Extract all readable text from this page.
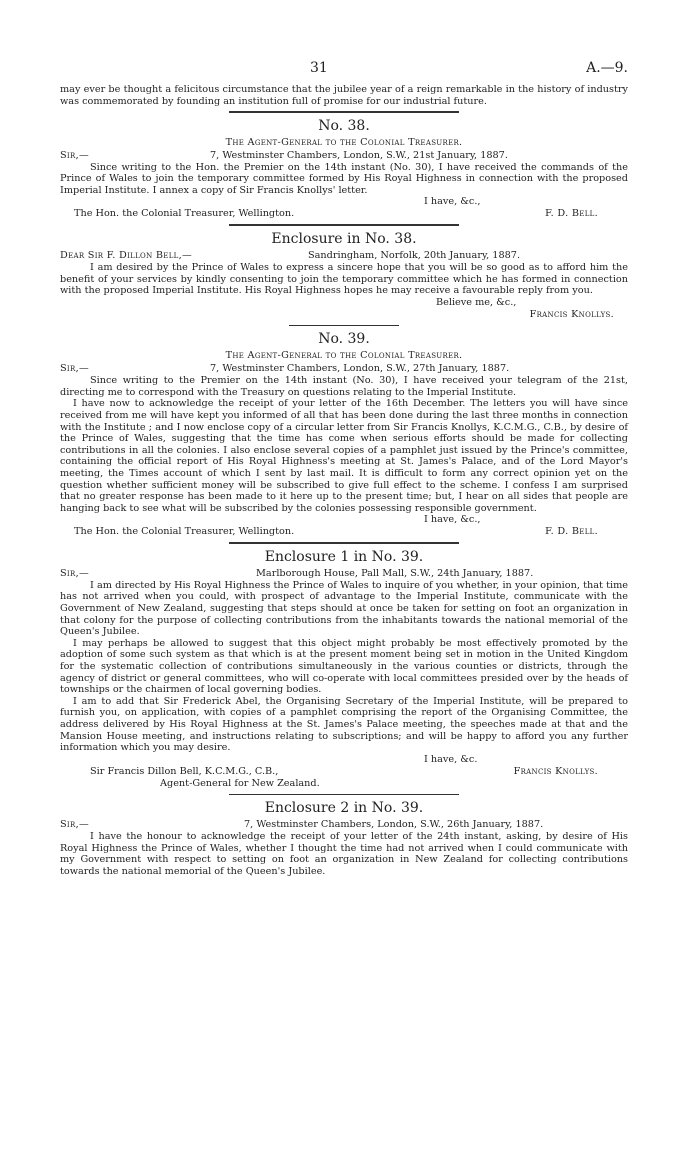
31	A.—9.

may ever be thought a felicitous circumstance that the jubilee year of a reign remarkable in the history of industry was commemorated by founding an institution full of promise for our industrial future.

No. 38.
The Agent-General to the Colonial Treasurer.
Sir,—	7, Westminster Chambers, London, S.W., 21st January, 1887.

Since writing to the Hon. the Premier on the 14th instant (No. 30), I have received the commands of the Prince of Wales to join the temporary committee formed by His Royal Highness in connection with the proposed Imperial Institute. I annex a copy of Sir Francis Knollys' letter.

I have, &c.,
The Hon. the Colonial Treasurer, Wellington.	F. D. Bell.
Enclosure in No. 38.
Dear Sir F. Dillon Bell,—	Sandringham, Norfolk, 20th January, 1887.

I am desired by the Prince of Wales to express a sincere hope that you will be so good as to afford him the benefit of your services by kindly consenting to join the temporary committee which he has formed in connection with the proposed Imperial Institute. His Royal Highness hopes he may receive a favourable reply from you.

Believe me, &c.,
Francis Knollys.
No. 39.
The Agent-General to the Colonial Treasurer.
Sir,—	7, Westminster Chambers, London, S.W., 27th January, 1887.

Since writing to the Premier on the 14th instant (No. 30), I have received your telegram of the 21st, directing me to correspond with the Treasury on questions relating to the Imperial Institute.

I have now to acknowledge the receipt of your letter of the 16th December. The letters you will have since received from me will have kept you informed of all that has been done during the last three months in connection with the Institute ; and I now enclose copy of a circular letter from Sir Francis Knollys, K.C.M.G., C.B., by desire of the Prince of Wales, suggesting that the time has come when serious efforts should be made for collecting contributions in all the colonies. I also enclose several copies of a pamphlet just issued by the Prince's committee, containing the official report of His Royal Highness's meeting at St. James's Palace, and of the Lord Mayor's meeting, the Times account of which I sent by last mail. It is difficult to form any correct opinion yet on the question whether sufficient money will be subscribed to give full effect to the scheme. I confess I am surprised that no greater response has been made to it here up to the present time; but, I hear on all sides that people are hanging back to see what will be subscribed by the colonies possessing responsible government.

I have, &c.,
The Hon. the Colonial Treasurer, Wellington.	F. D. Bell.
Enclosure 1 in No. 39.
Sir,—	Marlborough House, Pall Mall, S.W., 24th January, 1887.

I am directed by His Royal Highness the Prince of Wales to inquire of you whether, in your opinion, that time has not arrived when you could, with prospect of advantage to the Imperial Institute, communicate with the Government of New Zealand, suggesting that steps should at once be taken for setting on foot an organization in that colony for the purpose of collecting contributions from the inhabitants towards the national memorial of the Queen's Jubilee.

I may perhaps be allowed to suggest that this object might probably be most effectively promoted by the adoption of some such system as that which is at the present moment being set in motion in the United Kingdom for the systematic collection of contributions simultaneously in the various counties or districts, through the agency of district or general committees, who will co-operate with local committees presided over by the heads of townships or the chairmen of local governing bodies.

I am to add that Sir Frederick Abel, the Organising Secretary of the Imperial Institute, will be prepared to furnish you, on application, with copies of a pamphlet comprising the report of the Organising Committee, the address delivered by His Royal Highness at the St. James's Palace meeting, the speeches made at that and the Mansion House meeting, and instructions relating to subscriptions; and will be happy to afford you any further information which you may desire.

I have, &c.
Sir Francis Dillon Bell, K.C.M.G., C.B.,	Francis Knollys.
Agent-General for New Zealand.
Enclosure 2 in No. 39.
Sir,—	7, Westminster Chambers, London, S.W., 26th January, 1887.

I have the honour to acknowledge the receipt of your letter of the 24th instant, asking, by desire of His Royal Highness the Prince of Wales, whether I thought the time had not arrived when I could communicate with my Government with respect to setting on foot an organization in New Zealand for collecting contributions towards the national memorial of the Queen's Jubilee.
